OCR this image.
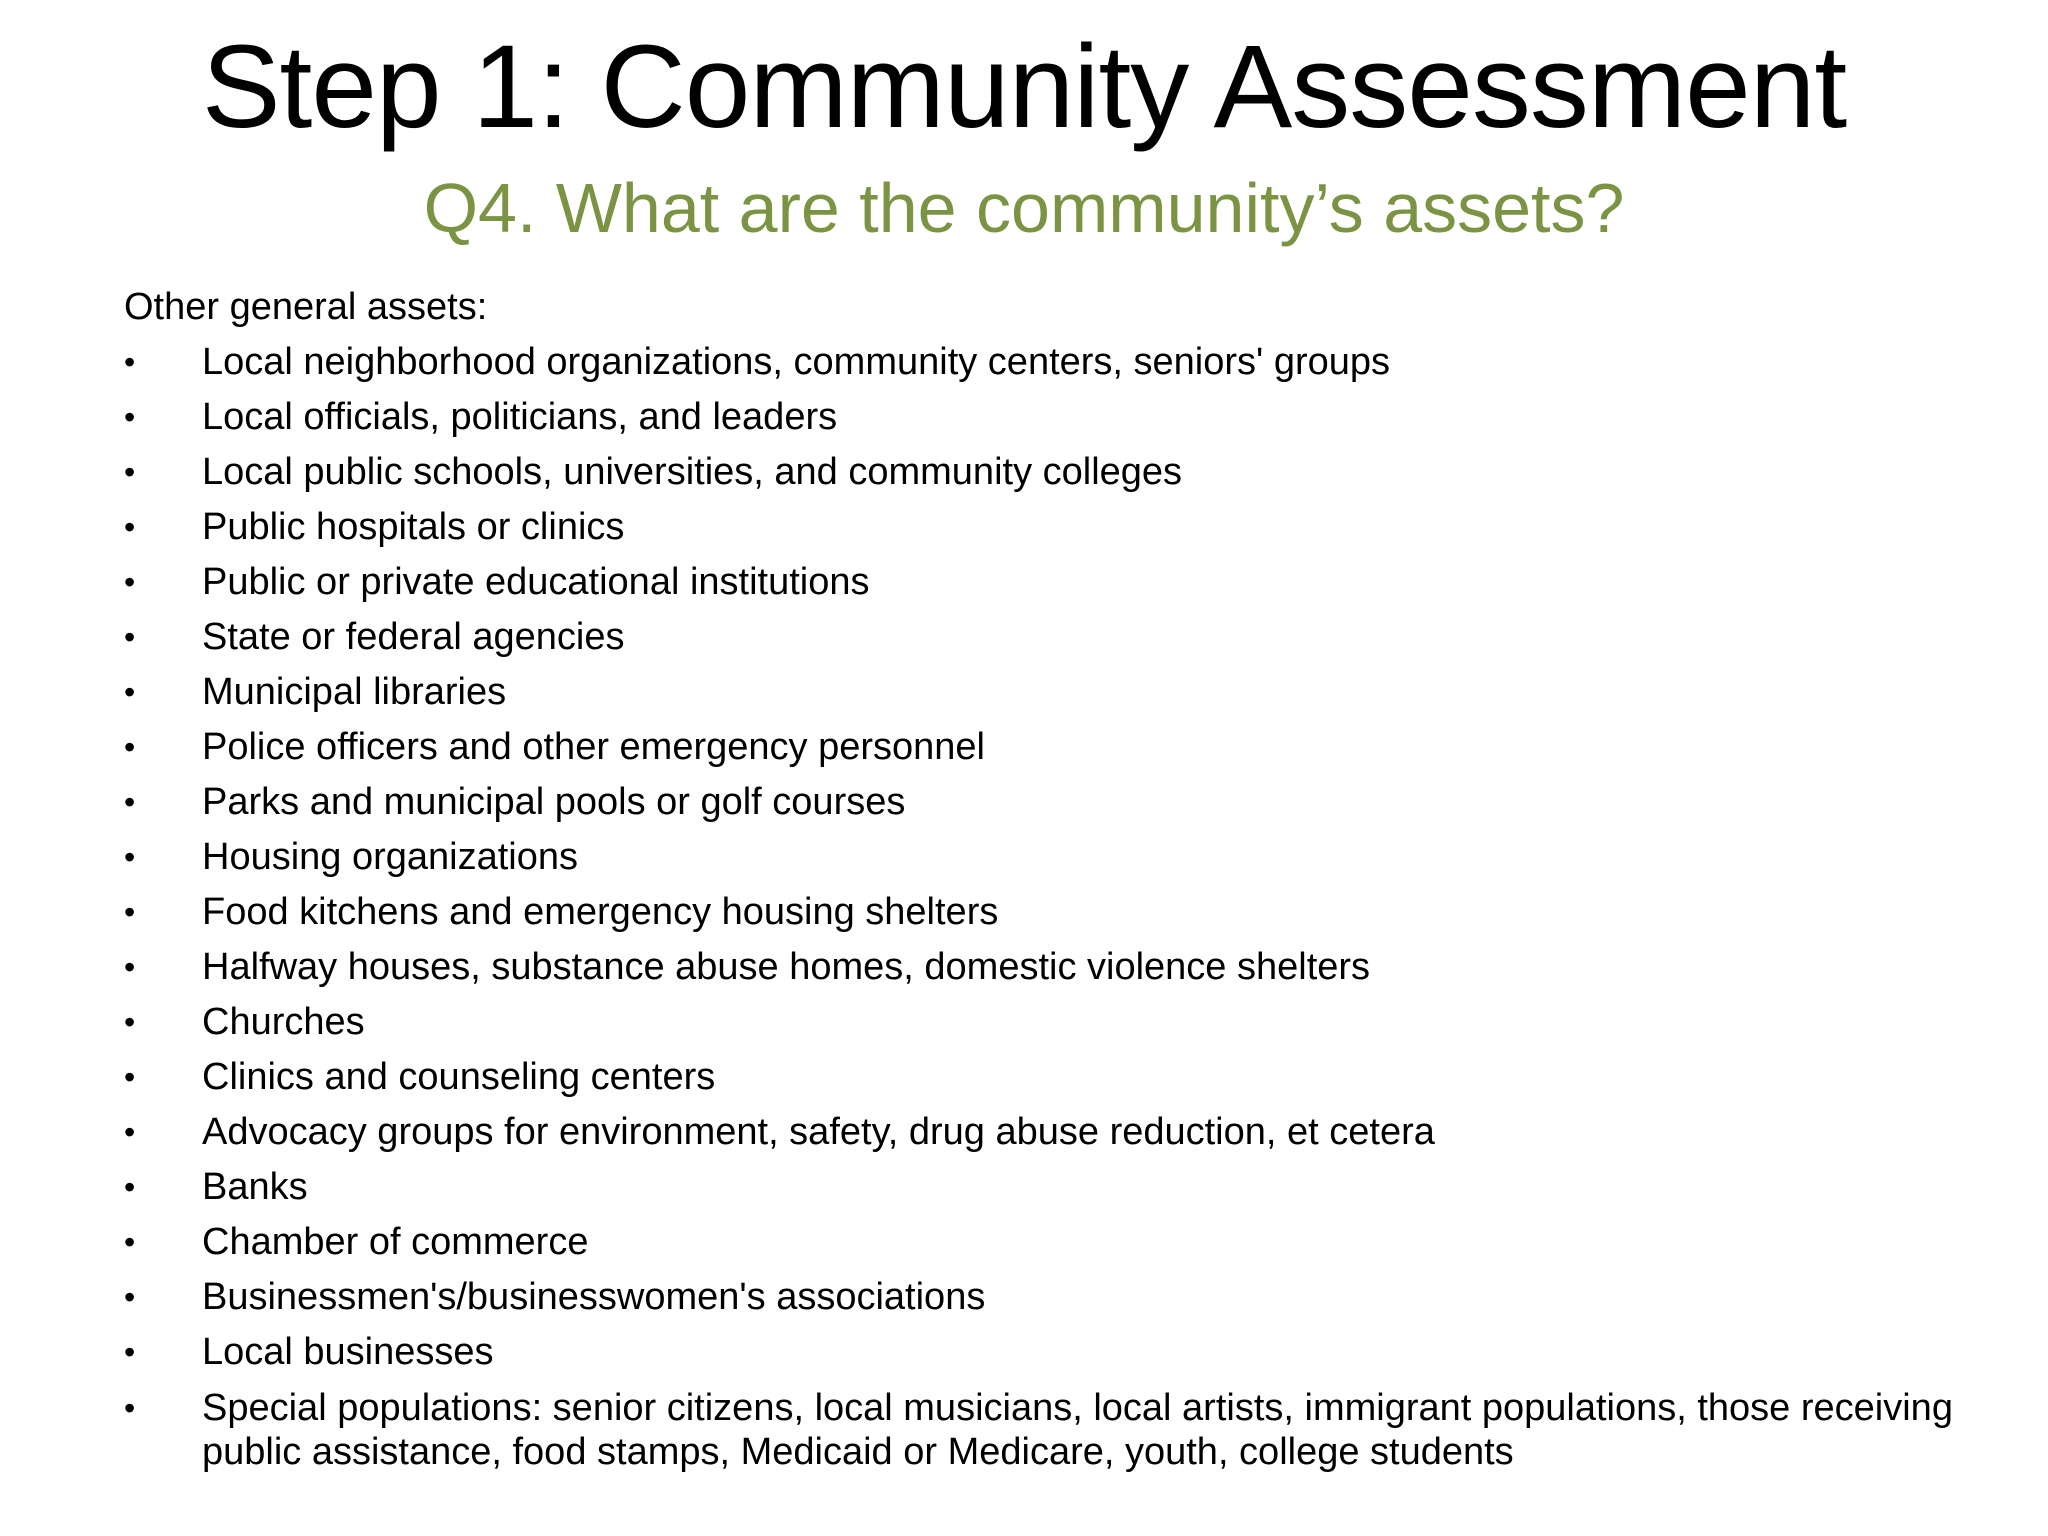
Step 1: Community Assessment
Q4. What are the community’s assets?

Other general assets:

•	Local neighborhood organizations, community centers, seniors' groups
•	Local officials, politicians, and leaders
•	Local public schools, universities, and community colleges
•	Public hospitals or clinics
•	Public or private educational institutions
•	State or federal agencies
•	Municipal libraries
•	Police officers and other emergency personnel
•	Parks and municipal pools or golf courses
•	Housing organizations
•	Food kitchens and emergency housing shelters
•	Halfway houses, substance abuse homes, domestic violence shelters
•	Churches
•	Clinics and counseling centers
•	Advocacy groups for environment, safety, drug abuse reduction, et cetera
•	Banks
•	Chamber of commerce
•	Businessmen's/businesswomen's associations
•	Local businesses
•	Special populations: senior citizens, local musicians, local artists, immigrant populations, those receiving public assistance, food stamps, Medicaid or Medicare, youth, college students
